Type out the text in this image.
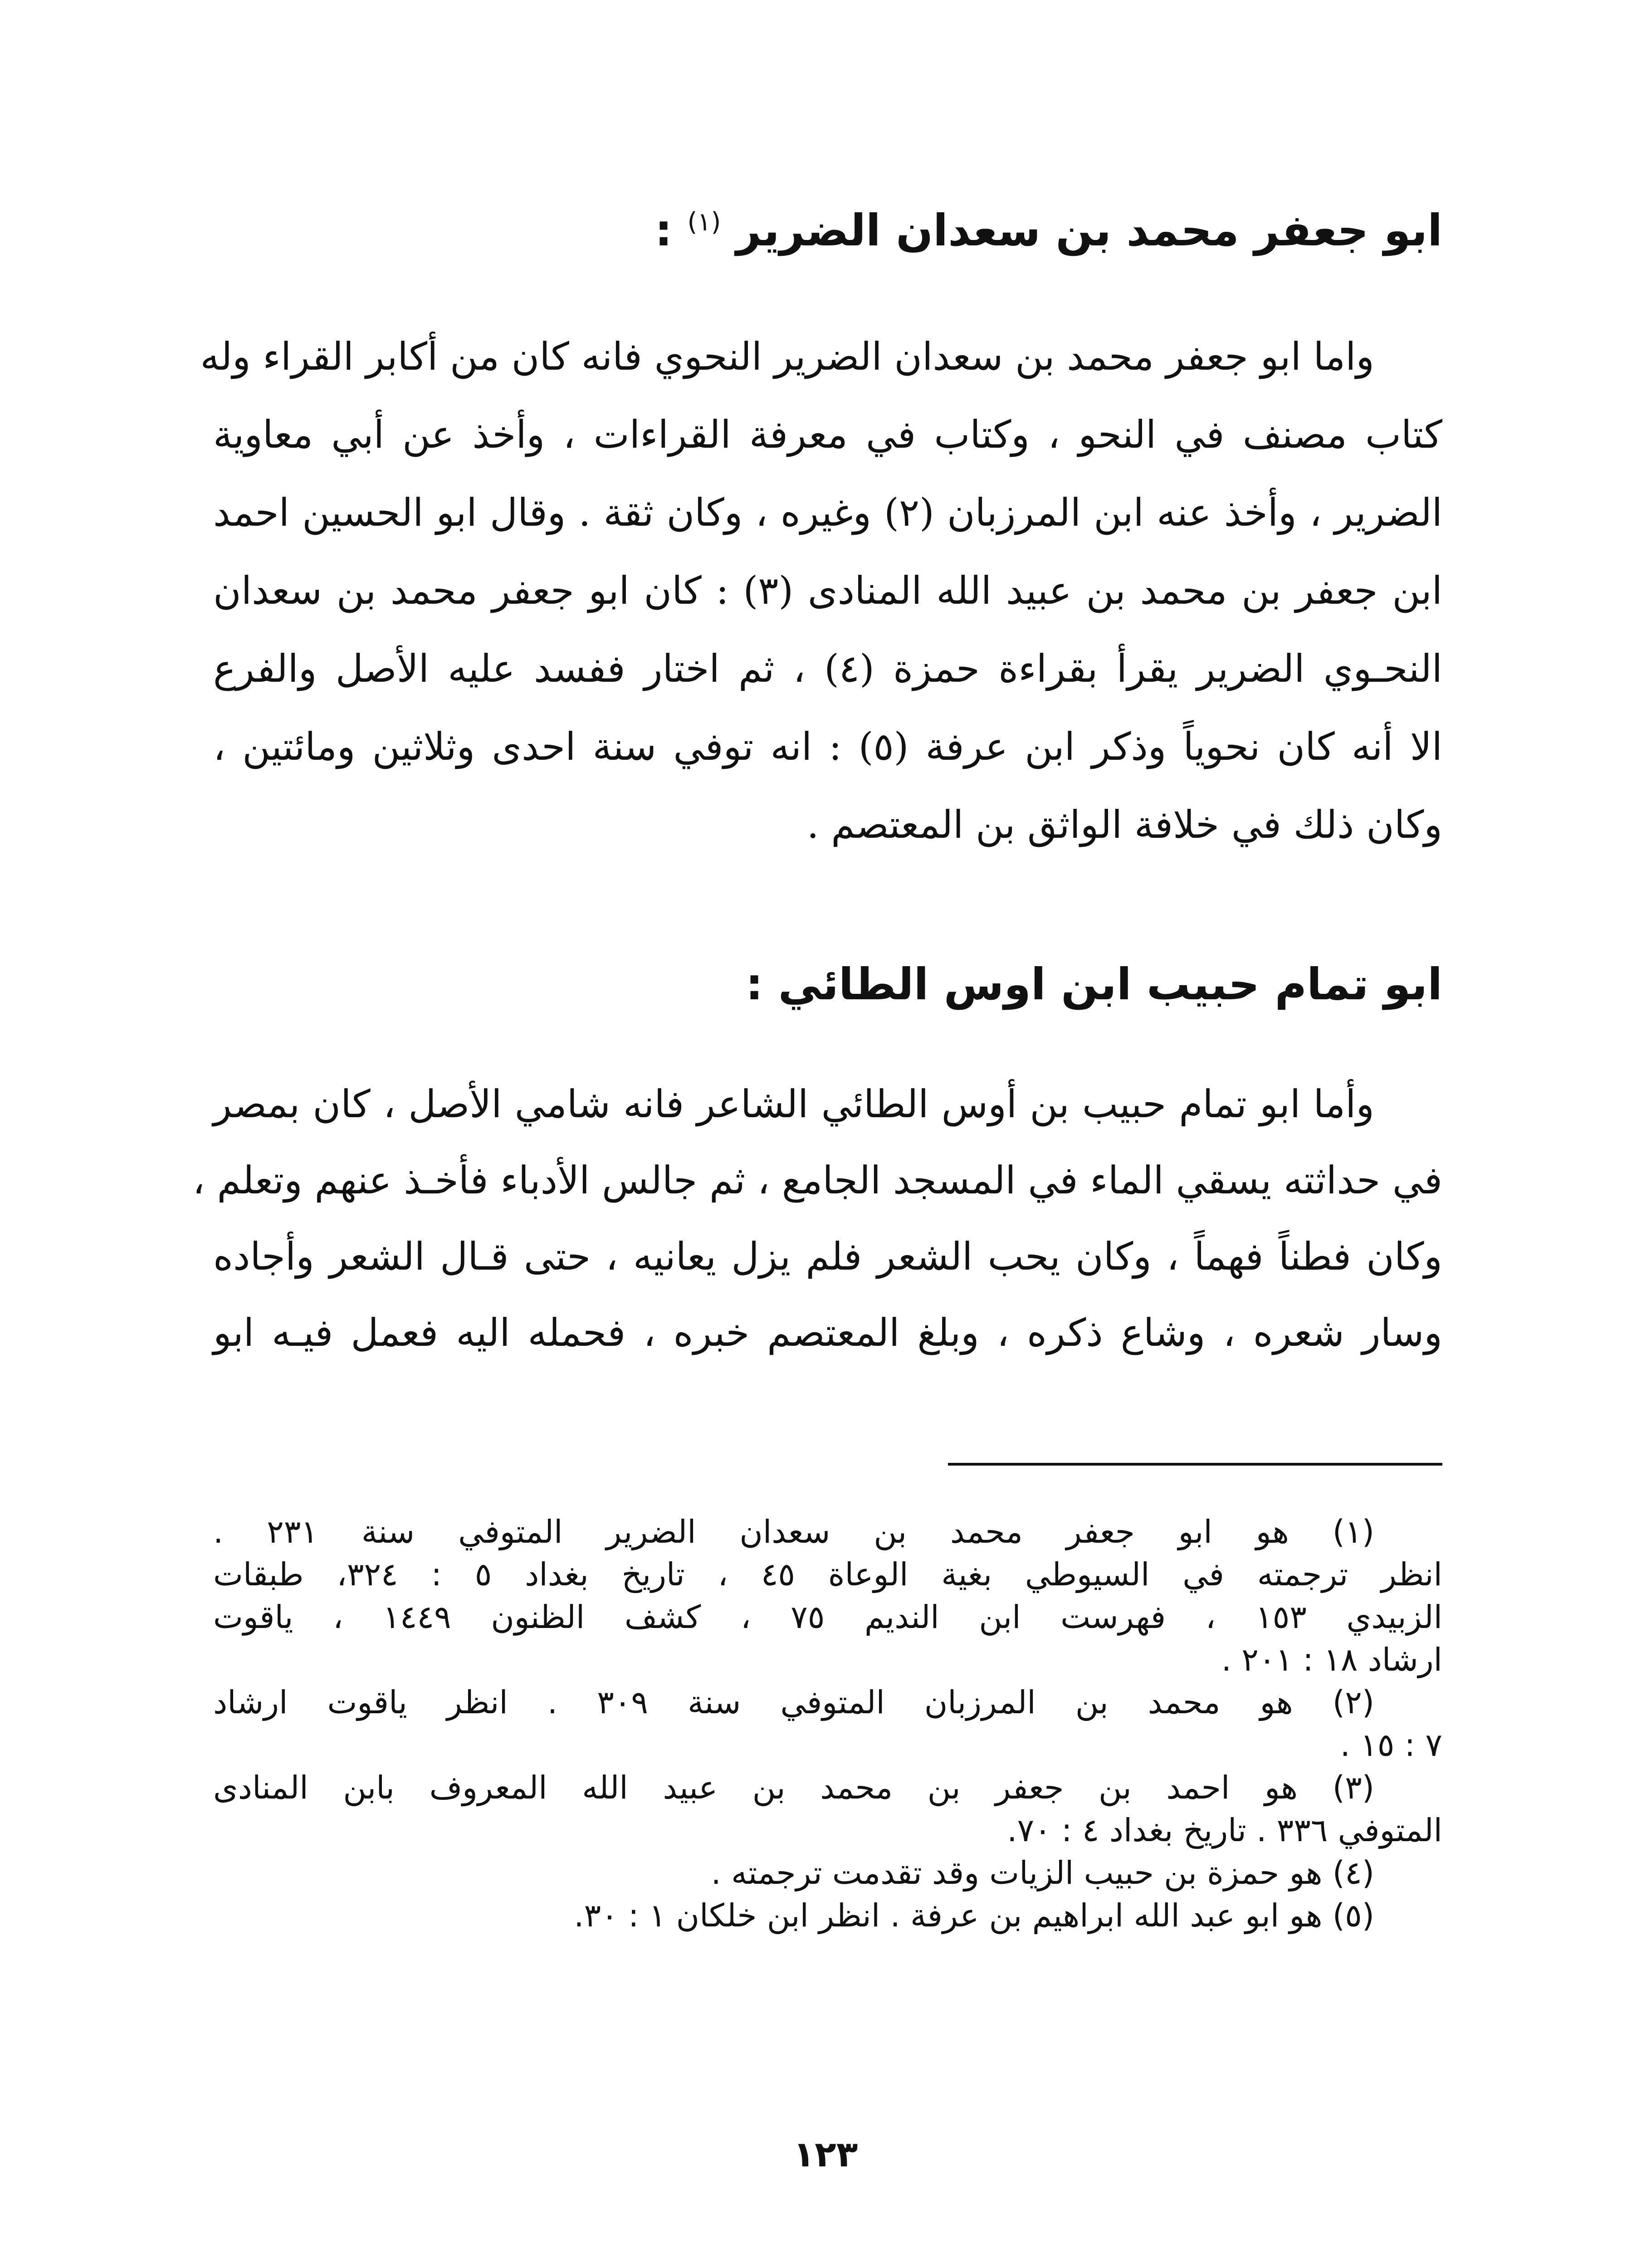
ابو جعفر محمد بن سعدان الضرير $^{(١)}$ :
واما ابو جعفر محمد بن سعدان الضرير النحوي فانه كان من أكابر القراء وله
كتاب مصنف في النحو ، وكتاب في معرفة القراءات ، وأخذ عن أبي معاوية
الضرير ، وأخذ عنه ابن المرزبان (٢) وغيره ، وكان ثقة . وقال ابو الحسين احمد
ابن جعفر بن محمد بن عبيد الله المنادى (٣) : كان ابو جعفر محمد بن سعدان
النحـوي الضرير يقرأ بقراءة حمزة (٤) ، ثم اختار ففسد عليه الأصل والفرع
الا أنه كان نحوياً وذكر ابن عرفة (٥) : انه توفي سنة احدى وثلاثين ومائتين ،
وكان ذلك في خلافة الواثق بن المعتصم .
ابو تمام حبيب ابن اوس الطائي :
وأما ابو تمام حبيب بن أوس الطائي الشاعر فانه شامي الأصل ، كان بمصر
في حداثته يسقي الماء في المسجد الجامع ، ثم جالس الأدباء فأخـذ عنهم وتعلم ،
وكان فطناً فهماً ، وكان يحب الشعر فلم يزل يعانيه ، حتى قـال الشعر وأجاده
وسار شعره ، وشاع ذكره ، وبلغ المعتصم خبره ، فحمله اليه فعمل فيـه ابو
(١) هو ابو جعفر محمد بن سعدان الضرير المتوفي سنة ٢٣١ .
انظر ترجمته في السيوطي بغية الوعاة ٤٥ ، تاريخ بغداد ٥ : ٣٢٤، طبقات
الزبيدي ١٥٣ ، فهرست ابن النديم ٧٥ ، كشف الظنون ١٤٤٩ ، ياقوت
ارشاد ١٨ : ٢٠١ .
(٢) هو محمد بن المرزبان المتوفي سنة ٣٠٩ . انظر ياقوت ارشاد
٧ : ١٥ .
(٣) هو احمد بن جعفر بن محمد بن عبيد الله المعروف بابن المنادى
المتوفي ٣٣٦ . تاريخ بغداد ٤ : ٧٠.
(٤) هو حمزة بن حبيب الزيات وقد تقدمت ترجمته .
(٥) هو ابو عبد الله ابراهيم بن عرفة . انظر ابن خلكان ١ : ٣٠.
١٢٣
